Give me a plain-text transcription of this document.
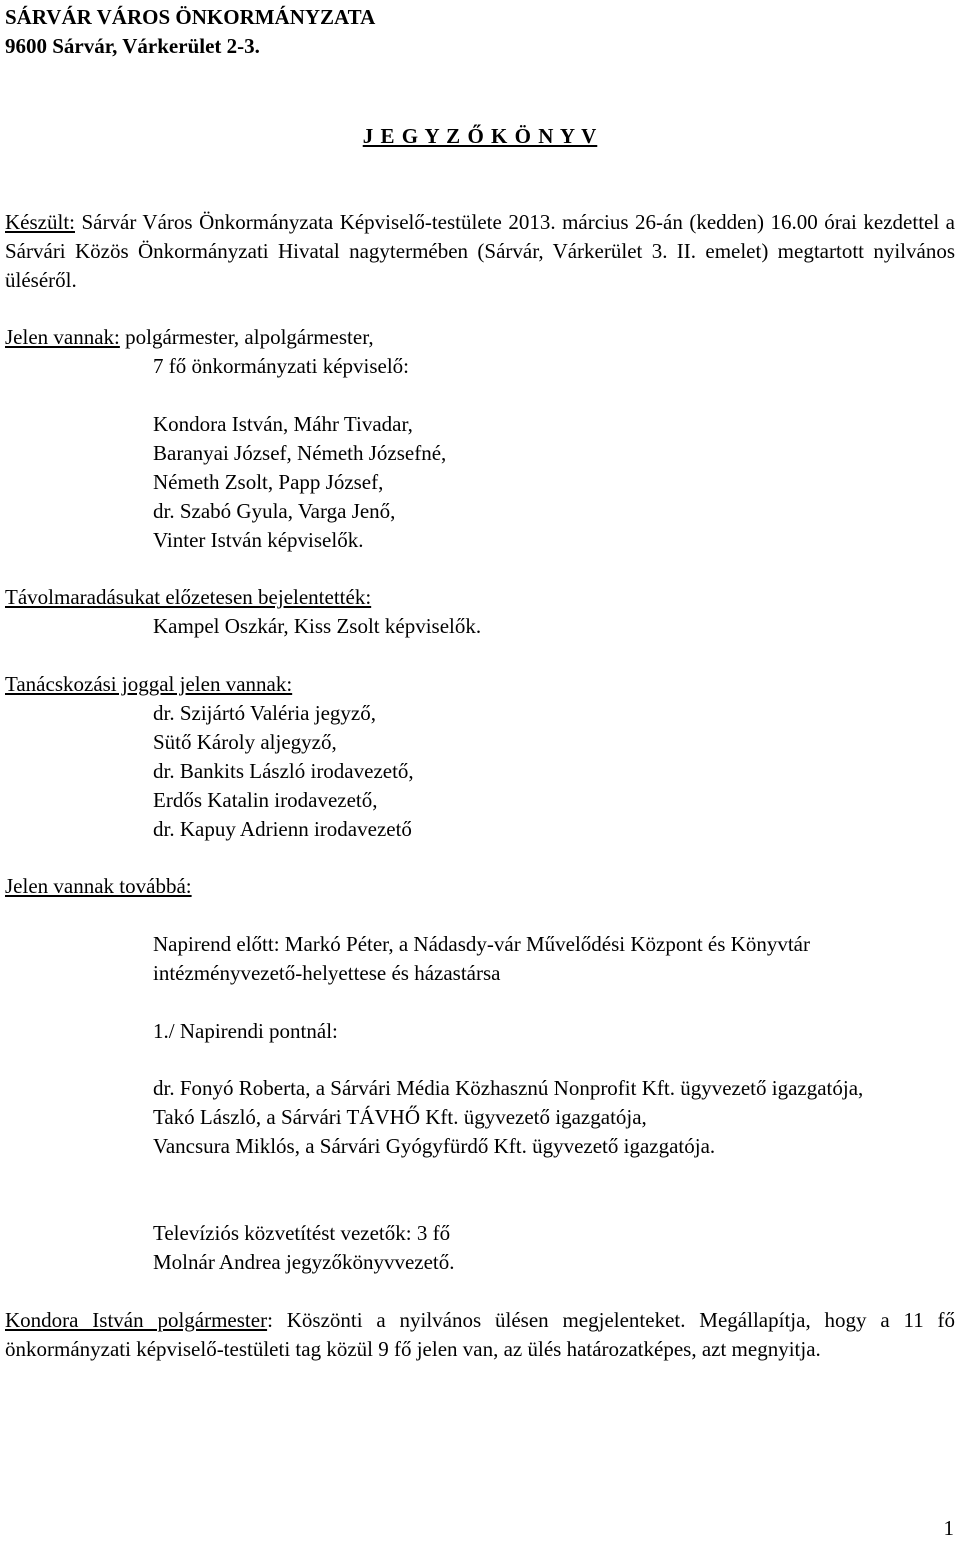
SÁRVÁR VÁROS ÖNKORMÁNYZATA
9600 Sárvár, Várkerület 2-3.
J E G Y Z Ő K Ö N Y V
Készült: Sárvár Város Önkormányzata Képviselő-testülete 2013. március 26-án (kedden) 16.00 órai kezdettel a Sárvári Közös Önkormányzati Hivatal nagytermében (Sárvár, Várkerület 3. II. emelet) megtartott nyilvános üléséről.
Jelen vannak: polgármester, alpolgármester,
7 fő önkormányzati képviselő:
Kondora István, Máhr Tivadar,
Baranyai József, Németh Józsefné,
Németh Zsolt, Papp József,
dr. Szabó Gyula, Varga Jenő,
Vinter István képviselők.
Távolmaradásukat előzetesen bejelentették:
Kampel Oszkár, Kiss Zsolt képviselők.
Tanácskozási joggal jelen vannak:
dr. Szijártó Valéria jegyző,
Sütő Károly aljegyző,
dr. Bankits László irodavezető,
Erdős Katalin irodavezető,
dr. Kapuy Adrienn irodavezető
Jelen vannak továbbá:
Napirend előtt: Markó Péter, a Nádasdy-vár Művelődési Központ és Könyvtár intézményvezető-helyettese és házastársa
1./ Napirendi pontnál:
dr. Fonyó Roberta, a Sárvári Média Közhasznú Nonprofit Kft. ügyvezető igazgatója,
Takó László, a Sárvári TÁVHŐ Kft. ügyvezető igazgatója,
Vancsura Miklós, a Sárvári Gyógyfürdő Kft. ügyvezető igazgatója.
Televíziós közvetítést vezetők: 3 fő
Molnár Andrea jegyzőkönyvvezető.
Kondora István polgármester: Köszönti a nyilvános ülésen megjelenteket. Megállapítja, hogy a 11 fő önkormányzati képviselő-testületi tag közül 9 fő jelen van, az ülés határozatképes, azt megnyitja.
1
